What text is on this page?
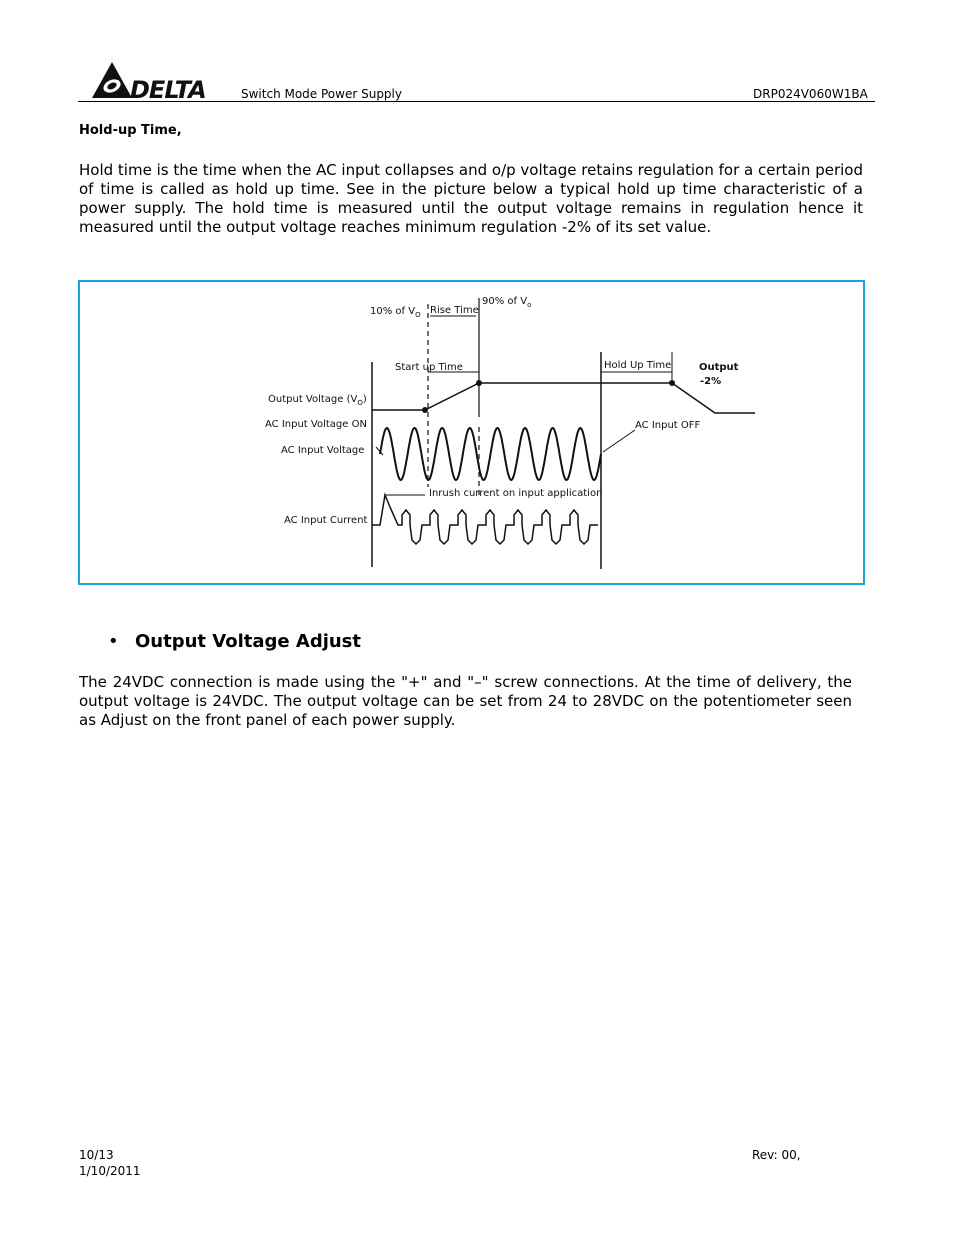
DELTA	Switch Mode Power Supply	DRP024V060W1BA
Hold-up Time,
Hold time is the time when the AC input collapses and o/p voltage retains regulation for a certain period of time is called as hold up time. See in the picture below a typical hold up time characteristic of a power supply. The hold time is measured until the output voltage remains in regulation hence it measured until the output voltage reaches minimum regulation -2% of its set value.
10% of $V_O$ Rise Time
90% of $V_o$
Start up Time	Hold Up Time	Output
-2%
Output Voltage $(V_O)$
AC Input Voltage ON
AC Input Voltage
AC Input OFF
Inrush current on input application
AC Input Current
• Output Voltage Adjust
The 24VDC connection is made using the "+" and "–" screw connections. At the time of delivery, the output voltage is 24VDC. The output voltage can be set from 24 to 28VDC on the potentiometer seen as Adjust on the front panel of each power supply.
10/13
1/10/2011
Rev: 00,
